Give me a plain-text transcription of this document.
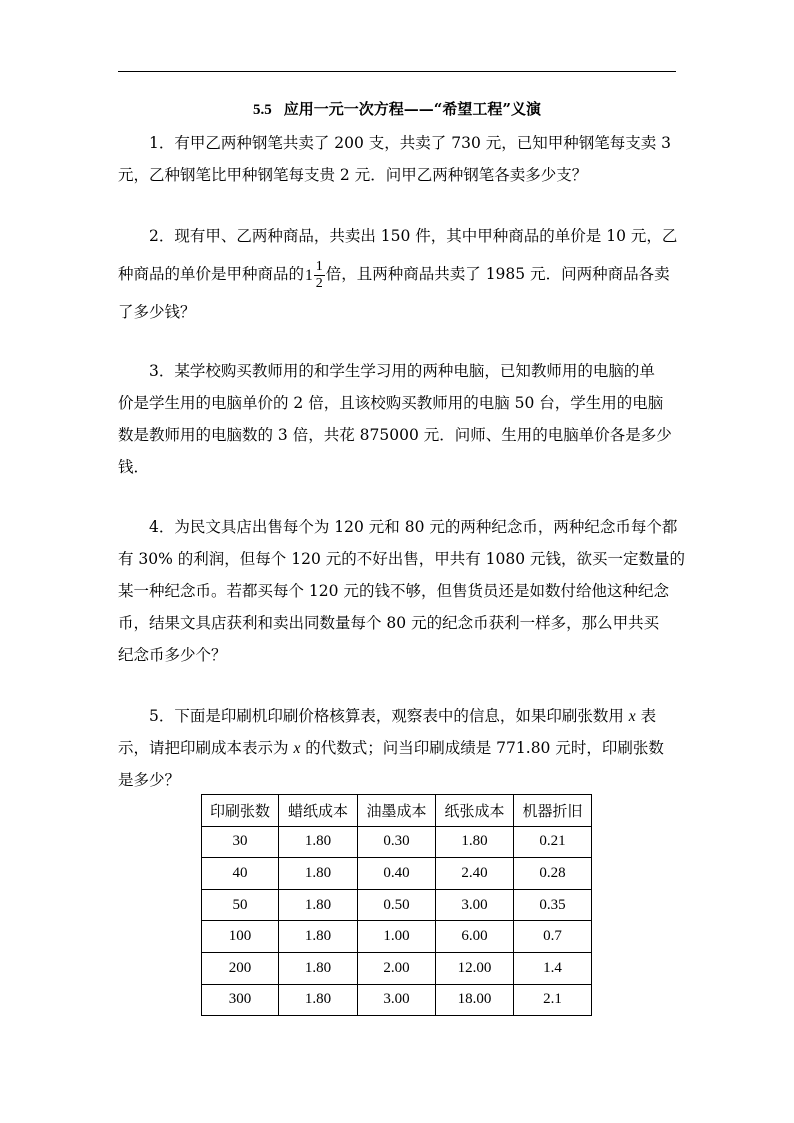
5.5 应用一元一次方程——“希望工程”义演
1．有甲乙两种钢笔共卖了 200 支，共卖了 730 元，已知甲种钢笔每支卖 3
元，乙种钢笔比甲种钢笔每支贵 2 元．问甲乙两种钢笔各卖多少支？
2．现有甲、乙两种商品，共卖出 150 件，其中甲种商品的单价是 10 元，乙
种商品的单价是甲种商品的$1 \frac{1}{2}$ 倍，且两种商品共卖了 1985 元．问两种商品各卖
了多少钱？
3．某学校购买教师用的和学生学习用的两种电脑，已知教师用的电脑的单
价是学生用的电脑单价的 2 倍，且该校购买教师用的电脑 50 台，学生用的电脑
数是教师用的电脑数的 3 倍，共花 875000 元．问师、生用的电脑单价各是多少
钱．
4．为民文具店出售每个为 120 元和 80 元的两种纪念币，两种纪念币每个都
有 30% 的利润，但每个 120 元的不好出售，甲共有 1080 元钱，欲买一定数量的
某一种纪念币。若都买每个 120 元的钱不够，但售货员还是如数付给他这种纪念
币，结果文具店获利和卖出同数量每个 80 元的纪念币获利一样多，那么甲共买
纪念币多少个？
5．下面是印刷机印刷价格核算表，观察表中的信息，如果印刷张数用 x 表
示，请把印刷成本表示为 x 的代数式；问当印刷成绩是 771.80 元时，印刷张数
是多少？
印刷张数	蜡纸成本	油墨成本	纸张成本	机器折旧
30	1.80	0.30	1.80	0.21
40	1.80	0.40	2.40	0.28
50	1.80	0.50	3.00	0.35
100	1.80	1.00	6.00	0.7
200	1.80	2.00	12.00	1.4
300	1.80	3.00	18.00	2.1
